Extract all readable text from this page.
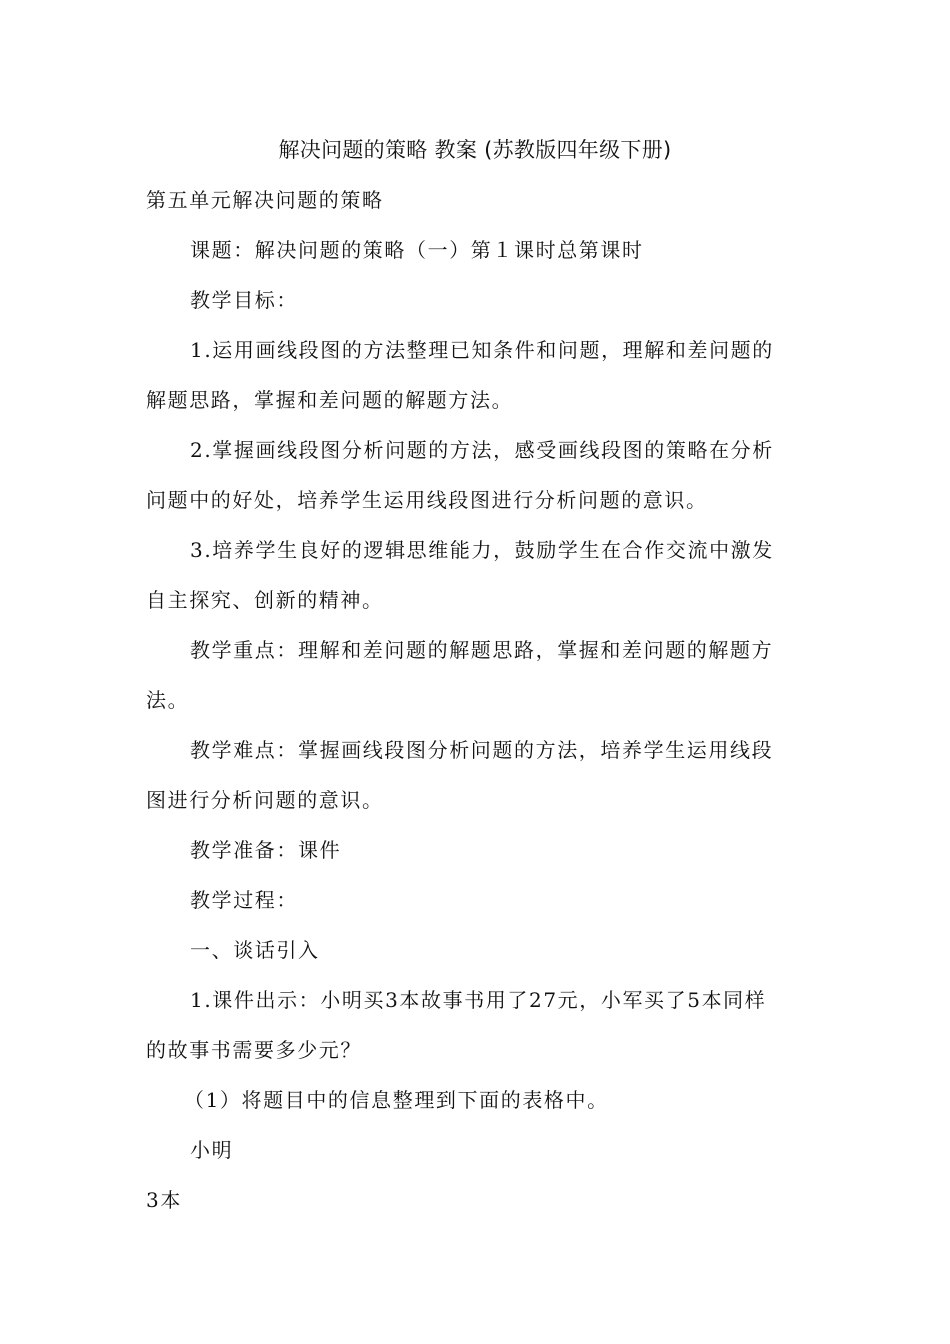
解决问题的策略 教案 (苏教版四年级下册)
第五单元解决问题的策略
课题：解决问题的策略（一）第１课时总第课时
教学目标：
1.运用画线段图的方法整理已知条件和问题，理解和差问题的
解题思路，掌握和差问题的解题方法。
2.掌握画线段图分析问题的方法，感受画线段图的策略在分析
问题中的好处，培养学生运用线段图进行分析问题的意识。
3.培养学生良好的逻辑思维能力，鼓励学生在合作交流中激发
自主探究、创新的精神。
教学重点：理解和差问题的解题思路，掌握和差问题的解题方
法。
教学难点：掌握画线段图分析问题的方法，培养学生运用线段
图进行分析问题的意识。
教学准备：课件
教学过程：
一、谈话引入
1.课件出示：小明买3本故事书用了27元，小军买了5本同样
的故事书需要多少元？
（1）将题目中的信息整理到下面的表格中。
小明
3本
